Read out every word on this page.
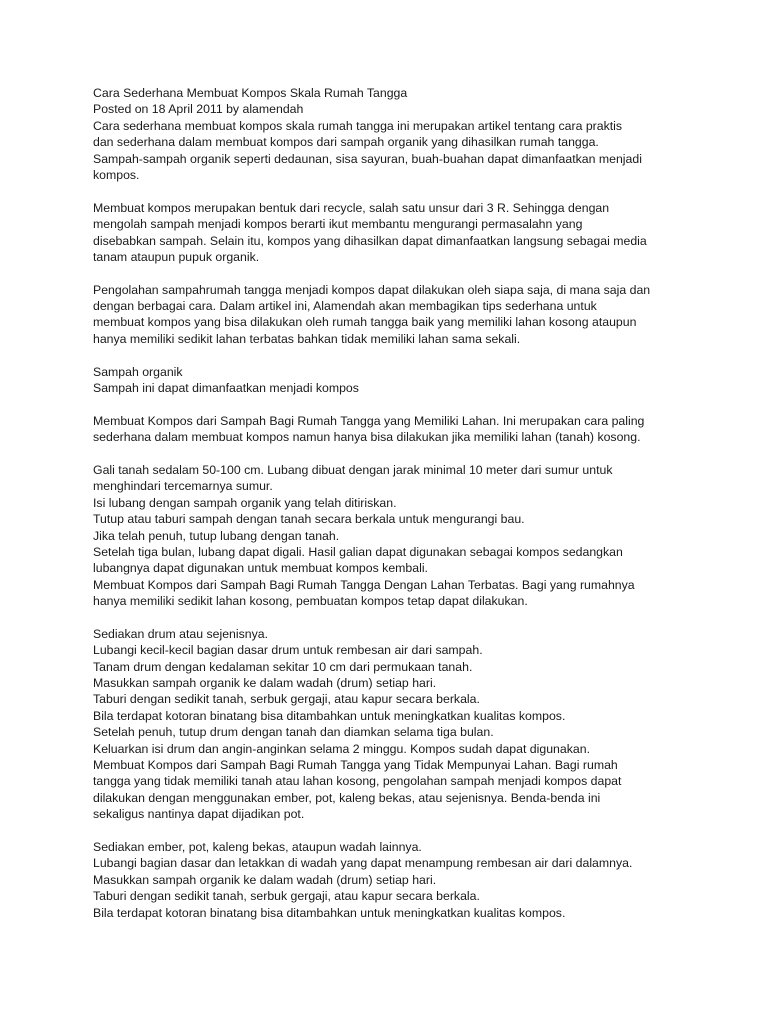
Cara Sederhana Membuat Kompos Skala Rumah Tangga
Posted on 18 April 2011 by alamendah
Cara sederhana membuat kompos skala rumah tangga ini merupakan artikel tentang cara praktis
dan sederhana dalam membuat kompos dari sampah organik yang dihasilkan rumah tangga.
Sampah-sampah organik seperti dedaunan, sisa sayuran, buah-buahan dapat dimanfaatkan menjadi
kompos.
Membuat kompos merupakan bentuk dari recycle, salah satu unsur dari 3 R. Sehingga dengan
mengolah sampah menjadi kompos berarti ikut membantu mengurangi permasalahn yang
disebabkan sampah. Selain itu, kompos yang dihasilkan dapat dimanfaatkan langsung sebagai media
tanam ataupun pupuk organik.
Pengolahan sampahrumah tangga menjadi kompos dapat dilakukan oleh siapa saja, di mana saja dan
dengan berbagai cara. Dalam artikel ini, Alamendah akan membagikan tips sederhana untuk
membuat kompos yang bisa dilakukan oleh rumah tangga baik yang memiliki lahan kosong ataupun
hanya memiliki sedikit lahan terbatas bahkan tidak memiliki lahan sama sekali.
Sampah organik
Sampah ini dapat dimanfaatkan menjadi kompos
Membuat Kompos dari Sampah Bagi Rumah Tangga yang Memiliki Lahan. Ini merupakan cara paling
sederhana dalam membuat kompos namun hanya bisa dilakukan jika memiliki lahan (tanah) kosong.
Gali tanah sedalam 50-100 cm. Lubang dibuat dengan jarak minimal 10 meter dari sumur untuk
menghindari tercemarnya sumur.
Isi lubang dengan sampah organik yang telah ditiriskan.
Tutup atau taburi sampah dengan tanah secara berkala untuk mengurangi bau.
Jika telah penuh, tutup lubang dengan tanah.
Setelah tiga bulan, lubang dapat digali. Hasil galian dapat digunakan sebagai kompos sedangkan
lubangnya dapat digunakan untuk membuat kompos kembali.
Membuat Kompos dari Sampah Bagi Rumah Tangga Dengan Lahan Terbatas. Bagi yang rumahnya
hanya memiliki sedikit lahan kosong, pembuatan kompos tetap dapat dilakukan.
Sediakan drum atau sejenisnya.
Lubangi kecil-kecil bagian dasar drum untuk rembesan air dari sampah.
Tanam drum dengan kedalaman sekitar 10 cm dari permukaan tanah.
Masukkan sampah organik ke dalam wadah (drum) setiap hari.
Taburi dengan sedikit tanah, serbuk gergaji, atau kapur secara berkala.
Bila terdapat kotoran binatang bisa ditambahkan untuk meningkatkan kualitas kompos.
Setelah penuh, tutup drum dengan tanah dan diamkan selama tiga bulan.
Keluarkan isi drum dan angin-anginkan selama 2 minggu. Kompos sudah dapat digunakan.
Membuat Kompos dari Sampah Bagi Rumah Tangga yang Tidak Mempunyai Lahan. Bagi rumah
tangga yang tidak memiliki tanah atau lahan kosong, pengolahan sampah menjadi kompos dapat
dilakukan dengan menggunakan ember, pot, kaleng bekas, atau sejenisnya. Benda-benda ini
sekaligus nantinya dapat dijadikan pot.
Sediakan ember, pot, kaleng bekas, ataupun wadah lainnya.
Lubangi bagian dasar dan letakkan di wadah yang dapat menampung rembesan air dari dalamnya.
Masukkan sampah organik ke dalam wadah (drum) setiap hari.
Taburi dengan sedikit tanah, serbuk gergaji, atau kapur secara berkala.
Bila terdapat kotoran binatang bisa ditambahkan untuk meningkatkan kualitas kompos.
